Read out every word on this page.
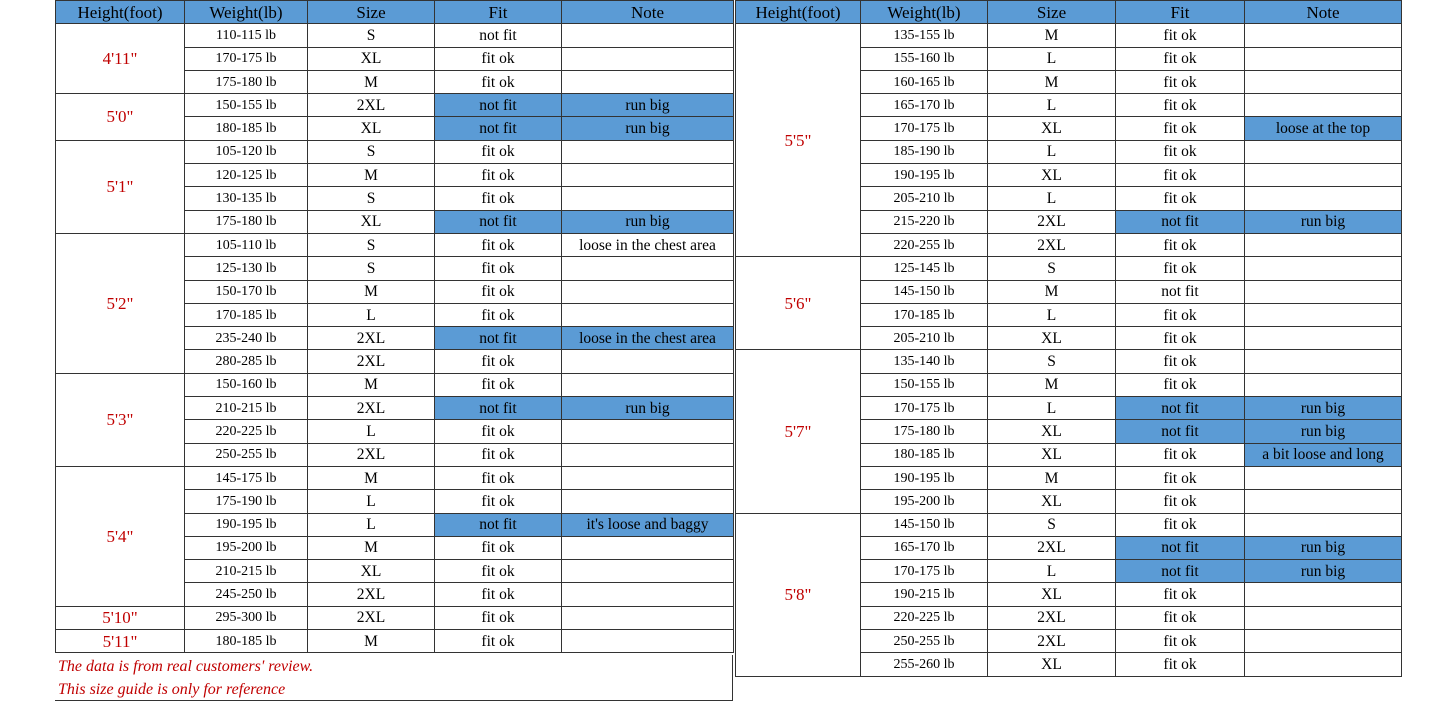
Height(foot)	Weight(lb)	Size	Fit	Note
4'11"	110-115 lb	S	not fit	
	170-175 lb	XL	fit ok	
	175-180 lb	M	fit ok	
5'0"	150-155 lb	2XL	not fit	run big
	180-185 lb	XL	not fit	run big
5'1"	105-120 lb	S	fit ok	
	120-125 lb	M	fit ok	
	130-135 lb	S	fit ok	
	175-180 lb	XL	not fit	run big
5'2"	105-110 lb	S	fit ok	loose in the chest area
	125-130 lb	S	fit ok	
	150-170 lb	M	fit ok	
	170-185 lb	L	fit ok	
	235-240 lb	2XL	not fit	loose in the chest area
	280-285 lb	2XL	fit ok	
5'3"	150-160 lb	M	fit ok	
	210-215 lb	2XL	not fit	run big
	220-225 lb	L	fit ok	
	250-255 lb	2XL	fit ok	
5'4"	145-175 lb	M	fit ok	
	175-190 lb	L	fit ok	
	190-195 lb	L	not fit	it's loose and baggy
	195-200 lb	M	fit ok	
	210-215 lb	XL	fit ok	
	245-250 lb	2XL	fit ok	
5'10"	295-300 lb	2XL	fit ok	
5'11"	180-185 lb	M	fit ok	
Height(foot)	Weight(lb)	Size	Fit	Note
5'5"	135-155 lb	M	fit ok	
	155-160 lb	L	fit ok	
	160-165 lb	M	fit ok	
	165-170 lb	L	fit ok	
	170-175 lb	XL	fit ok	loose at the top
	185-190 lb	L	fit ok	
	190-195 lb	XL	fit ok	
	205-210 lb	L	fit ok	
	215-220 lb	2XL	not fit	run big
	220-255 lb	2XL	fit ok	
5'6"	125-145 lb	S	fit ok	
	145-150 lb	M	not fit	
	170-185 lb	L	fit ok	
	205-210 lb	XL	fit ok	
5'7"	135-140 lb	S	fit ok	
	150-155 lb	M	fit ok	
	170-175 lb	L	not fit	run big
	175-180 lb	XL	not fit	run big
	180-185 lb	XL	fit ok	a bit loose and long
	190-195 lb	M	fit ok	
	195-200 lb	XL	fit ok	
5'8"	145-150 lb	S	fit ok	
	165-170 lb	2XL	not fit	run big
	170-175 lb	L	not fit	run big
	190-215 lb	XL	fit ok	
	220-225 lb	2XL	fit ok	
	250-255 lb	2XL	fit ok	
	255-260 lb	XL	fit ok	
The data is from real customers' review.
This size guide is only for reference
